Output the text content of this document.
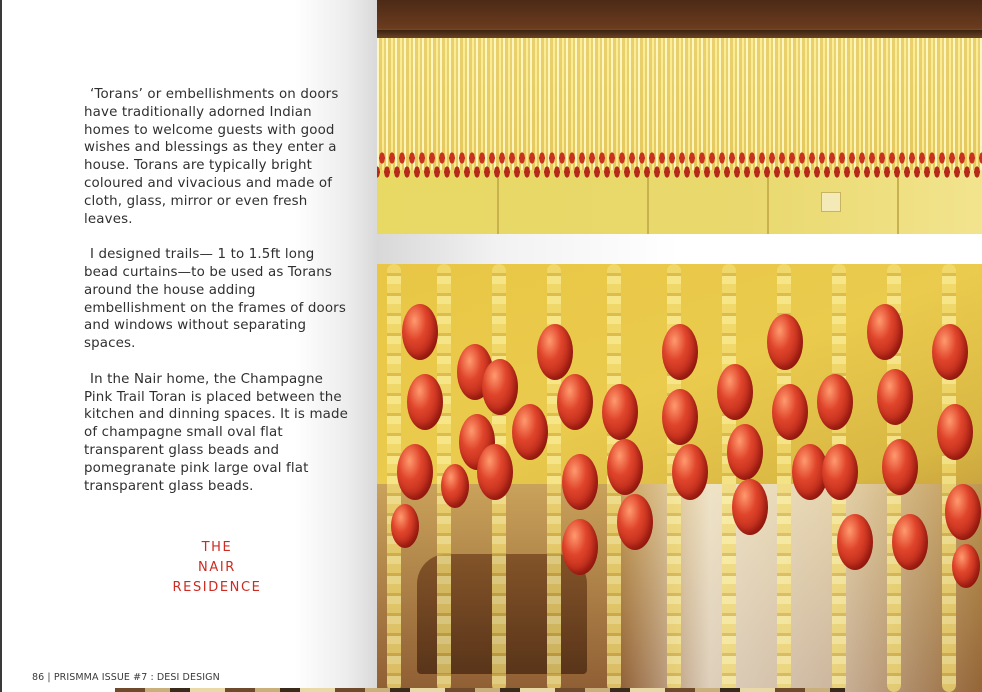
‘Torans’ or embellishments on doors have traditionally adorned Indian homes to welcome guests with good wishes and blessings as they enter a house. Torans are typically bright coloured and vivacious and made of cloth, glass, mirror or even fresh leaves.

I designed trails— 1 to 1.5ft long bead curtains—to be used as Torans around the house adding embellishment on the frames of doors and windows without separating spaces.

In the Nair home, the Champagne Pink Trail Toran is placed between the kitchen and dinning spaces. It is made of champagne small oval flat transparent glass beads and pomegranate pink large oval flat transparent glass beads.

THE
NAIR
RESIDENCE
86 | PRISMMA ISSUE #7 : DESI DESIGN
